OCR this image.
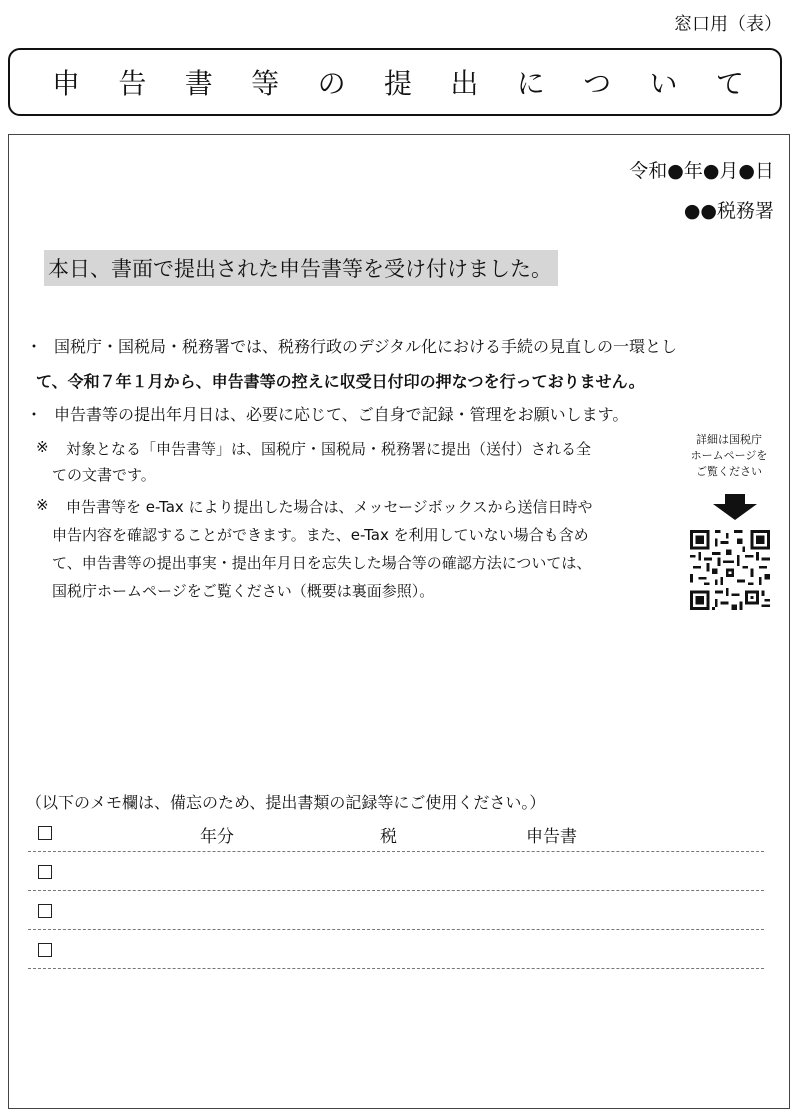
窓口用（表）
申 告 書 等 の 提 出 に つ い て
令和●年●月●日
●●税務署
本日、書面で提出された申告書等を受け付けました。
・ 国税庁・国税局・税務署では、税務行政のデジタル化における手続の見直しの一環とし
て、令和７年１月から、申告書等の控えに収受日付印の押なつを行っておりません。
・ 申告書等の提出年月日は、必要に応じて、ご自身で記録・管理をお願いします。
※ 対象となる「申告書等」は、国税庁・国税局・税務署に提出（送付）される全
ての文書です。
※ 申告書等を e-Tax により提出した場合は、メッセージボックスから送信日時や
申告内容を確認することができます。また、e-Tax を利用していない場合も含め
て、申告書等の提出事実・提出年月日を忘失した場合等の確認方法については、
国税庁ホームページをご覧ください（概要は裏面参照）。
詳細は国税庁
ホームページを
ご覧ください
（以下のメモ欄は、備忘のため、提出書類の記録等にご使用ください。）
年分	税	申告書
